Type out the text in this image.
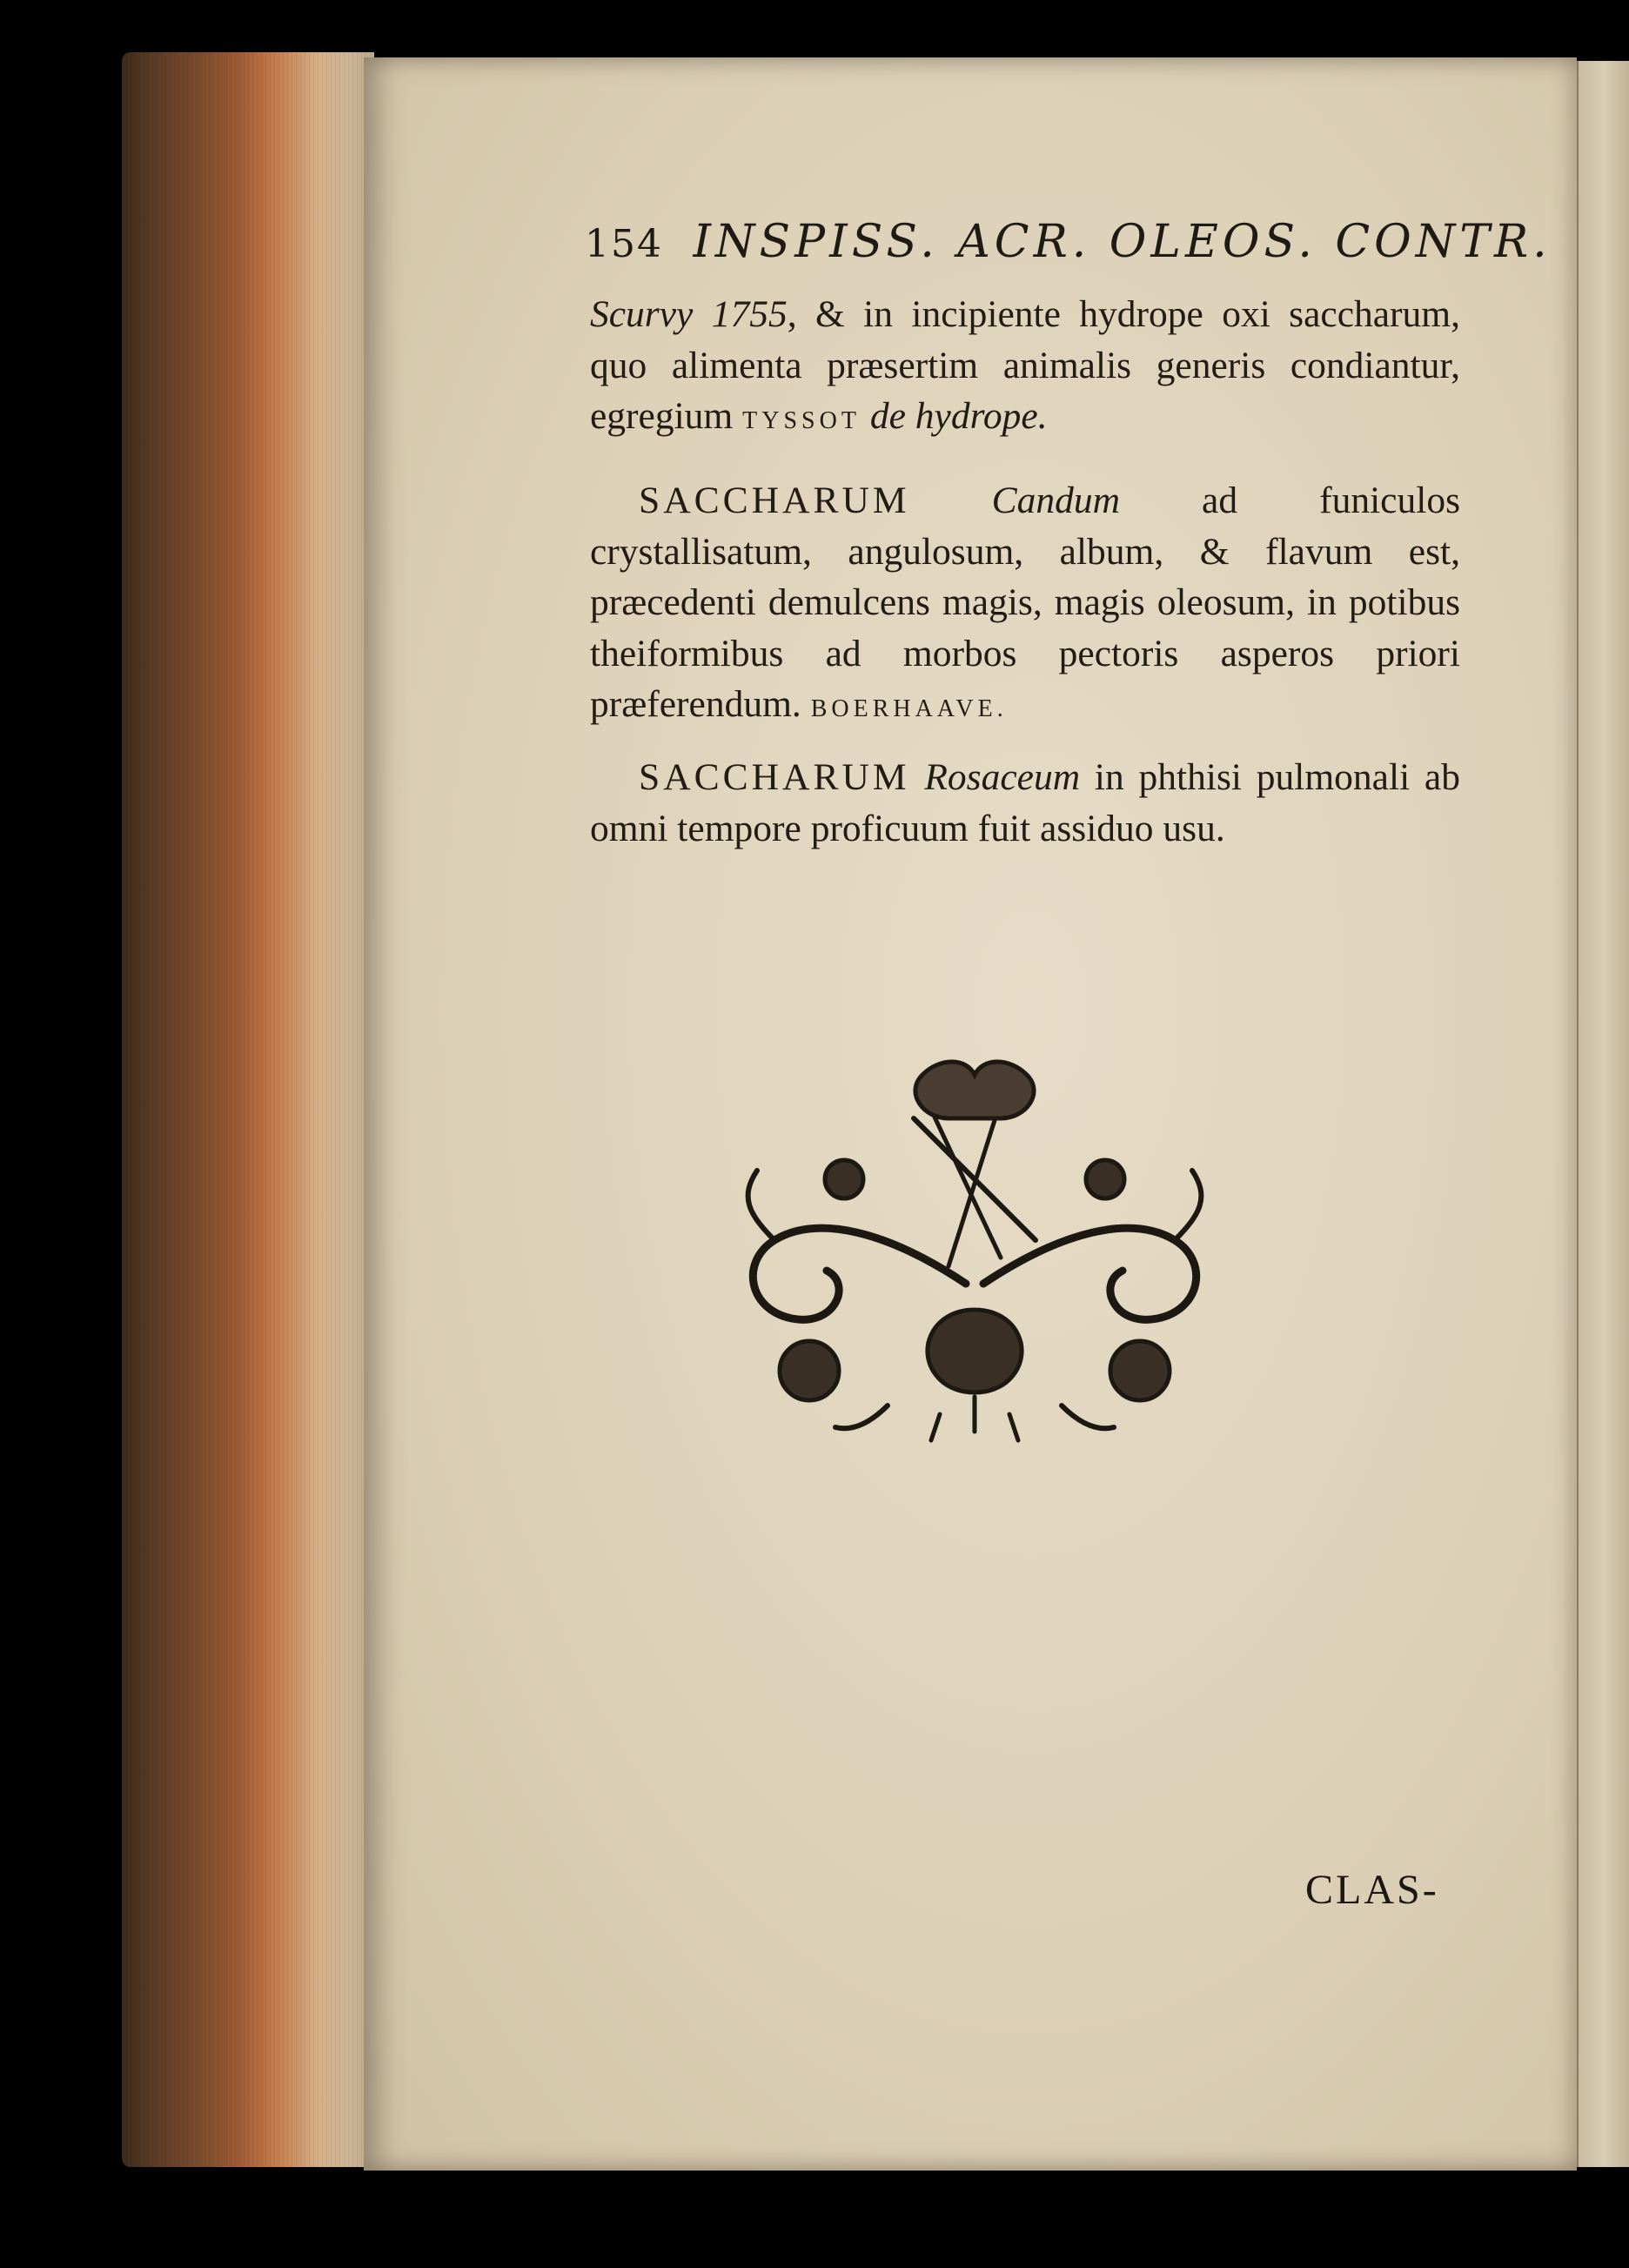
154 INSPISS. ACR. OLEOS. CONTR.

Scurvy 1755, & in incipiente hydrope oxi saccharum, quo alimenta præsertim animalis generis condiantur, egregium TYSSOT de hydrope.

SACCHARUM Candum ad funiculos crystallisatum, angulosum, album, & flavum est, præcedenti demulcens magis, magis oleosum, in potibus theiformibus ad morbos pectoris asperos priori præferendum. BOERHAAVE.

SACCHARUM Rosaceum in phthisi pulmonali ab omni tempore proficuum fuit assiduo usu.

CLAS-
